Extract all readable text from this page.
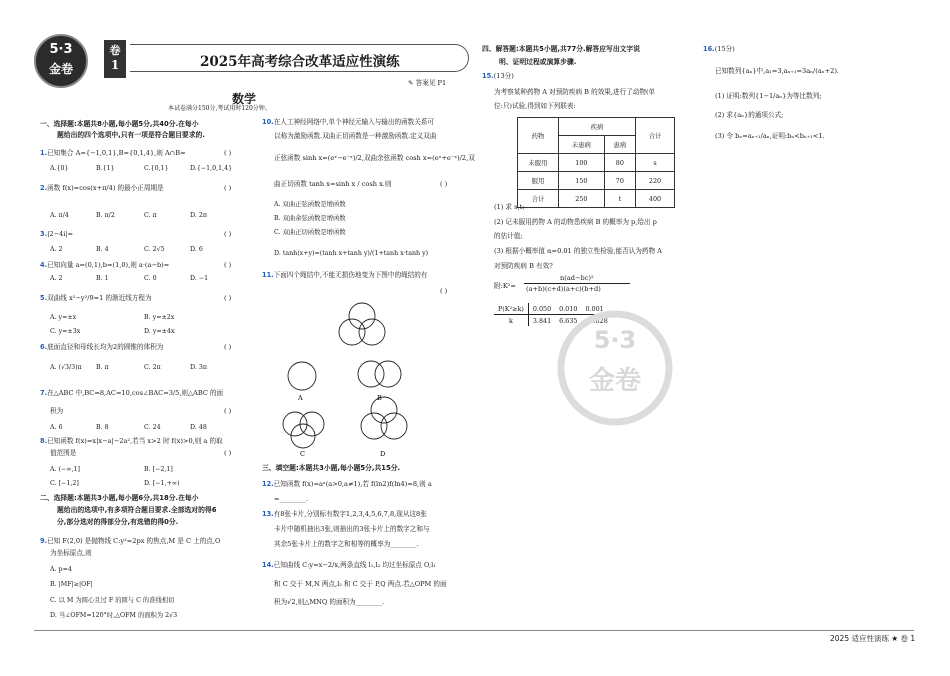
5·3
金卷
卷
1	2025年高考综合改革适应性演练
✎ 答案见 P1
数学
本试卷满分150分,考试用时120分钟。
一、选择题:本题共8小题,每小题5分,共40分.在每小
题给出的四个选项中,只有一项是符合题目要求的.
1.已知集合 A={−1,0,1},B={0,1,4},则 A∩B=	( )
A.{0}	B.{1}	C.{0,1}	D.{−1,0,1,4}
2.函数 f(x)=cos(x+π/4) 的最小正周期是	( )
A. π/4	B. π/2	C. π	D. 2π
3.|2−4i|=	( )
A. 2	B. 4	C. 2√5	D. 6
4.已知向量 a=(0,1),b=(1,0),则 a·(a−b)=	( )
A. 2	B. 1	C. 0	D. −1
5.双曲线 x²−y²/9=1 的渐近线方程为	( )
A. y=±x	B. y=±2x
C. y=±3x	D. y=±4x
6.底面直径和母线长均为2的圆锥的体积为	( )
A. (√3/3)π B. π	C. 2π	D. 3π
7.在△ABC 中,BC=8,AC=10,cos∠BAC=3/5,则△ABC 的面
积为	( )
A. 6	B. 8	C. 24	D. 48
8.已知函数 f(x)=x|x−a|−2a²,若当 x>2 时 f(x)>0,则 a 的取
值范围是	( )
A. (−∞,1]	B. [−2,1]
C. [−1,2]	D. [−1,+∞)
二、选择题:本题共3小题,每小题6分,共18分.在每小
题给出的选项中,有多项符合题目要求.全部选对的得6
分,部分选对的得部分分,有选错的得0分.
9.已知 F(2,0) 是抛物线 C:y²=2px 的焦点,M 是 C 上的点,O
为坐标原点,则
A. p=4
B. |MF|≥|OF|
C. 以 M 为圆心且过 F 的圆与 C 的准线相切
D. 当∠OFM=120°时,△OFM 的面积为 2√3
10.在人工神经网络中,单个神经元输入与输出的函数关系可
以称为激励函数.双曲正切函数是一种激励函数.定义双曲
正弦函数 sinh x=(eˣ−e⁻ˣ)/2,双曲余弦函数 cosh x=(eˣ+e⁻ˣ)/2,双
曲正切函数 tanh x=sinh x / cosh x.则	( )
A. 双曲正弦函数是增函数
B. 双曲余弦函数是增函数
C. 双曲正切函数是增函数
D. tanh(x+y)=(tanh x+tanh y)/(1+tanh x·tanh y)
11.下面四个绳结中,不能无损伤地变为下图中的绳结的有
( )
A	B
C	D
三、填空题:本题共3小题,每小题5分,共15分.
12.已知函数 f(x)=aˣ(a>0,a≠1),若 f(ln2)f(ln4)=8,则 a
=________.
13.有8张卡片,分别标有数字1,2,3,4,5,6,7,8,现从这8张
卡片中随机抽出3张,则抽出的3张卡片上的数字之和与
其余5张卡片上的数字之和相等的概率为________.
14.已知曲线 C:y=x−2/x,两条直线 l₁,l₂ 均过坐标原点 O,l₁
和 C 交于 M,N 两点,l₂ 和 C 交于 P,Q 两点.若△OPM 的面
积为√2,则△MNQ 的面积为________.
四、解答题:本题共5小题,共77分.解答应写出文字说
明、证明过程或演算步骤.
15.(13分)
为考察某种药物 A 对预防疾病 B 的效果,进行了动物(单
位:只)试验,得到如下列联表:
药物	疾病		合计
	未患病	患病	
未服用	100	80	s
服用	150	70	220
合计	250	t	400
(1) 求 s,t;
(2) 记未服用药物 A 的动物患疾病 B 的概率为 p,给出 p
的估计值;
(3) 根据小概率值 α=0.01 的独立性检验,能否认为药物 A
对预防疾病 B 有效?
附:K²=
n(ad−bc)²
(a+b)(c+d)(a+c)(b+d)
P(K²≥k)	0.050	0.010	0.001
k	3.841	6.635	10.828
5·3
金卷
16.(15分)
已知数列{aₙ}中,a₁=3,aₙ₊₁=3aₙ/(aₙ+2).
(1) 证明:数列{1−1/aₙ}为等比数列;
(2) 求{aₙ}的通项公式;
(3) 令 bₙ=aₙ₊₁/aₙ,证明:bₙ<bₙ₊₁<1.
2025 适应性演练 ★ 卷 1
